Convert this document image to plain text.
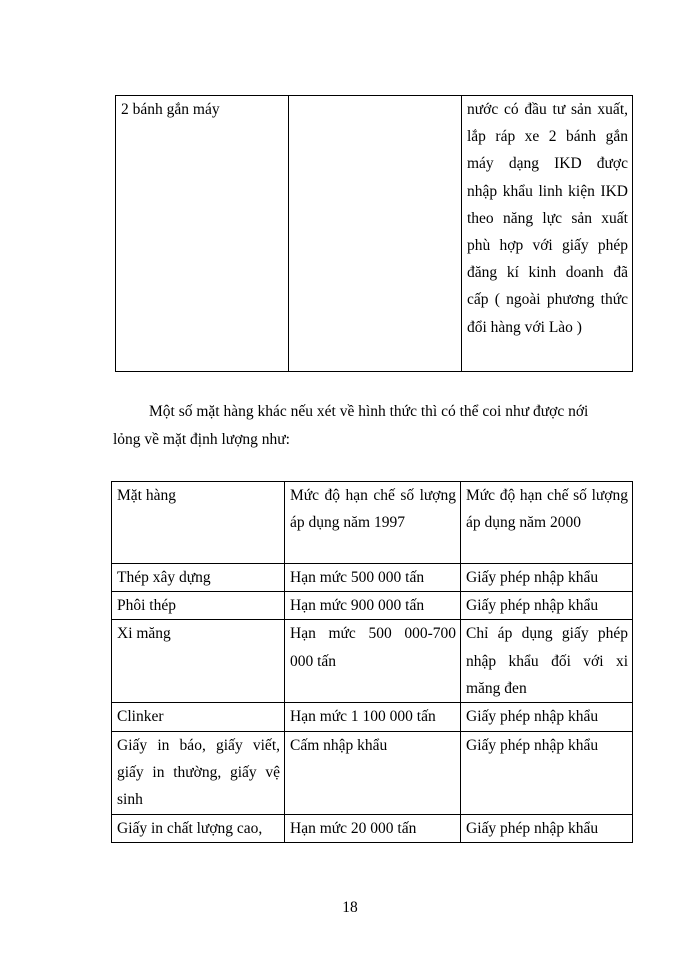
2 bánh gắn máy		nước có đầu tư sản xuất, lắp ráp xe 2 bánh gắn máy dạng IKD được nhập khẩu linh kiện IKD theo năng lực sản xuất phù hợp với giấy phép đăng kí kinh doanh đã cấp ( ngoài phương thức đổi hàng với Lào )

Một số mặt hàng khác nếu xét về hình thức thì có thể coi như được nới

lỏng về mặt định lượng như:

Mặt hàng	Mức độ hạn chế số lượng áp dụng năm 1997	Mức độ hạn chế số lượng áp dụng năm 2000
Thép xây dựng	Hạn mức 500 000 tấn	Giấy phép nhập khẩu
Phôi thép	Hạn mức 900 000 tấn	Giấy phép nhập khẩu
Xi măng	Hạn mức 500 000-700 000 tấn	Chỉ áp dụng giấy phép nhập khẩu đối với xi măng đen
Clinker	Hạn mức 1 100 000 tấn	Giấy phép nhập khẩu
Giấy in báo, giấy viết, giấy in thường, giấy vệ sinh	Cấm nhập khẩu	Giấy phép nhập khẩu
Giấy in chất lượng cao,	Hạn mức 20 000 tấn	Giấy phép nhập khẩu
18
